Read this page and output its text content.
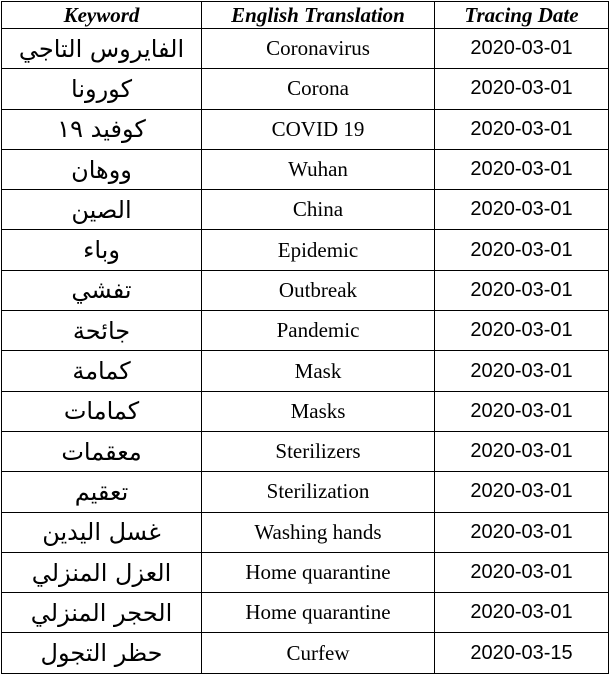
Keyword	English Translation	Tracing Date
الفايروس التاجي	Coronavirus	2020-03-01
كورونا	Corona	2020-03-01
كوفيد ١٩	COVID 19	2020-03-01
ووهان	Wuhan	2020-03-01
الصين	China	2020-03-01
وباء	Epidemic	2020-03-01
تفشي	Outbreak	2020-03-01
جائحة	Pandemic	2020-03-01
كمامة	Mask	2020-03-01
كمامات	Masks	2020-03-01
معقمات	Sterilizers	2020-03-01
تعقيم	Sterilization	2020-03-01
غسل اليدين	Washing hands	2020-03-01
العزل المنزلي	Home quarantine	2020-03-01
الحجر المنزلي	Home quarantine	2020-03-01
حظر التجول	Curfew	2020-03-15
